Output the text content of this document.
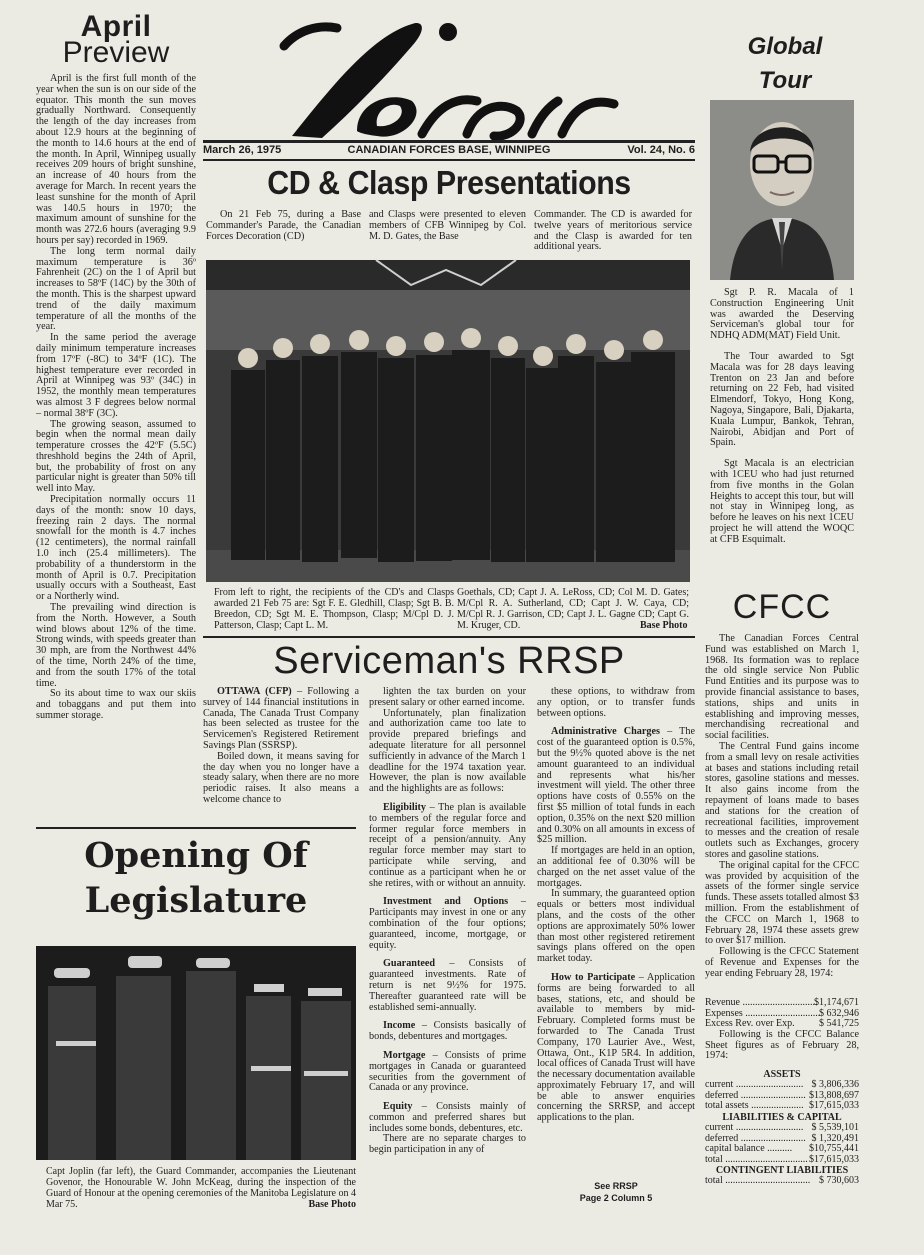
April
Preview

April is the first full month of the year when the sun is on our side of the equator. This month the sun moves gradually Northward. Consequently the length of the day increases from about 12.9 hours at the beginning of the month to 14.6 hours at the end of the month. In April, Winnipeg usually receives 209 hours of bright sunshine, an increase of 40 hours from the average for March. In recent years the least sunshine for the month of April was 140.5 hours in 1970; the maximum amount of sunshine for the month was 272.6 hours (averaging 9.9 hours per say) recorded in 1969.

The long term normal daily maximum temperature is 36º Fahrenheit (2C) on the 1 of April but increases to 58ºF (14C) by the 30th of the month. This is the sharpest upward trend of the daily maximum temperature of all the months of the year.

In the same period the average daily minimum temperature increases from 17ºF (-8C) to 34ºF (1C). The highest temperature ever recorded in April at Winnipeg was 93º (34C) in 1952, the monthly mean temperatures was almost 3 F degrees below normal – normal 38ºF (3C).

The growing season, assumed to begin when the normal mean daily temperature crosses the 42ºF (5.5C) threshhold begins the 24th of April, but, the probability of frost on any particular night is greater than 50% till well into May.

Precipitation normally occurs 11 days of the month: snow 10 days, freezing rain 2 days. The normal snowfall for the month is 4.7 inches (12 centimeters), the normal rainfall 1.0 inch (25.4 millimeters). The probability of a thunderstorm in the month of April is 0.7. Precipitation usually occurs with a Southeast, East or a Northerly wind.

The prevailing wind direction is from the North. However, a South wind blows about 12% of the time. Strong winds, with speeds greater than 30 mph, are from the Northwest 44% of the time, North 24% of the time, and from the south 17% of the total time.

So its about time to wax our skiis and tobaggans and put them into summer storage.

Voxair
March 26, 1975	CANADIAN FORCES BASE, WINNIPEG	Vol. 24, No. 6
CD & Clasp Presentations
On 21 Feb 75, during a Base Commander's Parade, the Canadian Forces Decoration (CD)
and Clasps were presented to eleven members of CFB Winnipeg by Col. M. D. Gates, the Base
Commander. The CD is awarded for twelve years of meritorious service and the Clasp is awarded for ten additional years.
From left to right, the recipients of the CD's and Clasps awarded 21 Feb 75 are: Sgt F. E. Gledhill, Clasp; Sgt B. B. Breedon, CD; Sgt M. E. Thompson, Clasp; M/Cpl D. J. Patterson, Clasp; Capt L. M.
Goethals, CD; Capt J. A. LeRoss, CD; Col M. D. Gates; M/Cpl R. A. Sutherland, CD; Capt J. W. Caya, CD; M/Cpl R. J. Garrison, CD; Capt J. L. Gagne CD; Capt G. M. Kruger, CD.	Base Photo
Serviceman's RRSP

OTTAWA (CFP) – Following a survey of 144 financial institutions in Canada, The Canada Trust Company has been selected as trustee for the Servicemen's Registered Retirement Savings Plan (SSRSP).

Boiled down, it means saving for the day when you no longer have a steady salary, when there are no more periodic raises. It also means a welcome chance to

lighten the tax burden on your present salary or other earned income.

Unfortunately, plan finalization and authorization came too late to provide prepared briefings and adequate literature for all personnel sufficiently in advance of the March 1 deadline for the 1974 taxation year. However, the plan is now available and the highlights are as follows:

Eligibility – The plan is available to members of the regular force and former regular force members in receipt of a pension/annuity. Any regular force member may start to participate while serving, and continue as a participant when he or she retires, with or without an annuity.

Investment and Options – Participants may invest in one or any combination of the four options; guaranteed, income, mortgage, or equity.

Guaranteed – Consists of guaranteed investments. Rate of return is net 9½% for 1975. Thereafter guaranteed rate will be established semi-annually.

Income – Consists basically of bonds, debentures and mortgages.

Mortgage – Consists of prime mortgages in Canada or guaranteed securities from the government of Canada or any province.

Equity – Consists mainly of common and preferred shares but includes some bonds, debentures, etc.

There are no separate charges to begin participation in any of

these options, to withdraw from any option, or to transfer funds between options.

Administrative Charges – The cost of the guaranteed option is 0.5%, but the 9½% quoted above is the net amount guaranteed to an individual and represents what his/her investment will yield. The other three options have costs of 0.55% on the first $5 million of total funds in each option, 0.35% on the next $20 million and 0.30% on all amounts in excess of $25 million.

If mortgages are held in an option, an additional fee of 0.30% will be charged on the net asset value of the mortgages.

In summary, the guaranteed option equals or betters most individual plans, and the costs of the other options are approximately 50% lower than most other registered retirement savings plans offered on the open market today.

How to Participate – Application forms are being forwarded to all bases, stations, etc, and should be available to members by mid-February. Completed forms must be forwarded to The Canada Trust Company, 170 Laurier Ave., West, Ottawa, Ont., K1P 5R4. In addition, local offices of Canada Trust will have the necessary documentation available approximately February 17, and will be able to answer enquiries concerning the SRRSP, and accept applications to the plan.

See RRSP
Page 2 Column 5
Opening Of
Legislature
Capt Joplin (far left), the Guard Commander, accompanies the Lieutenant Govenor, the Honourable W. John McKeag, during the inspection of the Guard of Honour at the opening ceremonies of the Manitoba Legislature on 4 Mar 75.	Base Photo
Global
Tour

Sgt P. R. Macala of 1 Construction Engineering Unit was awarded the Deserving Serviceman's global tour for NDHQ ADM(MAT) Field Unit.

The Tour awarded to Sgt Macala was for 28 days leaving Trenton on 23 Jan and before returning on 22 Feb, had visited Elmendorf, Tokyo, Hong Kong, Nagoya, Singapore, Bali, Djakarta, Kuala Lumpur, Bankok, Tehran, Nairobi, Abidjan and Port of Spain.

Sgt Macala is an electrician with 1CEU who had just returned from five months in the Golan Heights to accept this tour, but will not stay in Winnipeg long, as before he leaves on his next 1CEU project he will attend the WOQC at CFB Esquimalt.

CFCC

The Canadian Forces Central Fund was established on March 1, 1968. Its formation was to replace the old single service Non Public Fund Entities and its purpose was to provide financial assistance to bases, stations, ships and units in establishing and improving messes, merchandising recreational and social facilities.

The Central Fund gains income from a small levy on resale activities at bases and stations including retail stores, gasoline stations and messes. It also gains income from the repayment of loans made to bases and stations for the creation of recreational facilities, improvement to messes and the creation of resale outlets such as Exchanges, grocery stores and gasoline stations.

The original capital for the CFCC was provided by acquisition of the assets of the former single service funds. These assets totalled almost $3 million. From the establishment of the CFCC on March 1, 1968 to February 28, 1974 these assets grew to over $17 million.

Following is the CFCC Statement of Revenue and Expenses for the year ending February 28, 1974:

Revenue ..............................	$1,174,671
Expenses ..............................	$ 632,946
Excess Rev. over Exp.	$ 541,725
Following is the CFCC Balance Sheet figures as of February 28, 1974:
ASSETS
current ...........................	$ 3,806,336
deferred ..........................	$13,808,697
total assets .....................	$17,615,033
LIABILITIES & CAPITAL
current ...........................	$ 5,539,101
deferred ..........................	$ 1,320,491
capital balance ..........	$10,755,441
total .................................	$17,615,033
CONTINGENT LIABILITIES
total ..................................	$ 730,603
